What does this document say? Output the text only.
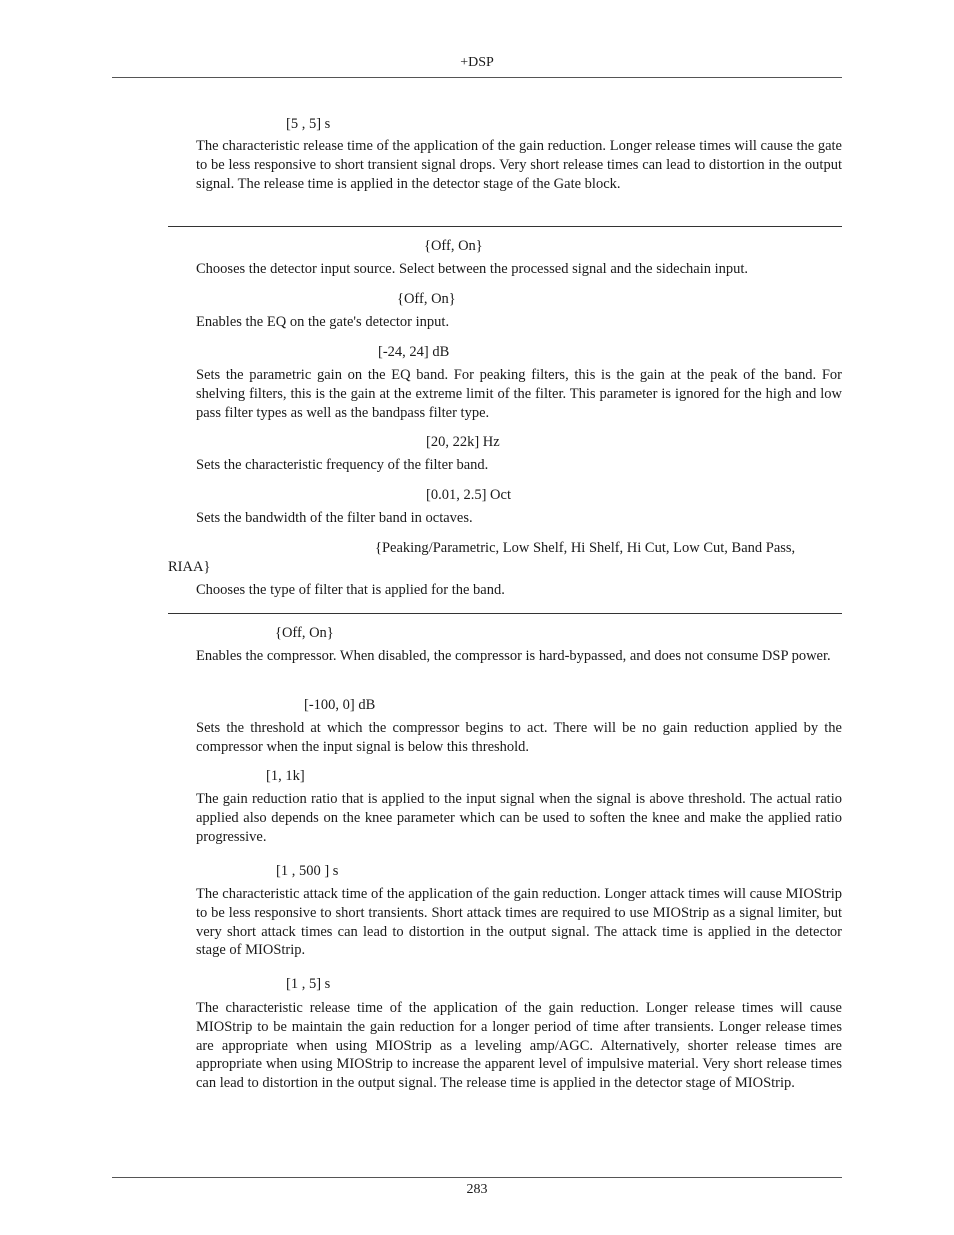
+DSP
[5 , 5] s

The characteristic release time of the application of the gain reduction. Longer release times will cause the gate to be less responsive to short transient signal drops. Very short release times can lead to distortion in the output signal. The release time is applied in the detector stage of the Gate block.

{Off, On}

Chooses the detector input source. Select between the processed signal and the sidechain input.

{Off, On}

Enables the EQ on the gate's detector input.

[-24, 24] dB

Sets the parametric gain on the EQ band. For peaking filters, this is the gain at the peak of the band. For shelving filters, this is the gain at the extreme limit of the filter. This parameter is ignored for the high and low pass filter types as well as the bandpass filter type.

[20, 22k] Hz

Sets the characteristic frequency of the filter band.

[0.01, 2.5] Oct

Sets the bandwidth of the filter band in octaves.

{Peaking/Parametric, Low Shelf, Hi Shelf, Hi Cut, Low Cut, Band Pass,
RIAA}

Chooses the type of filter that is applied for the band.

{Off, On}

Enables the compressor. When disabled, the compressor is hard-bypassed, and does not consume DSP power.

[-100, 0] dB

Sets the threshold at which the compressor begins to act. There will be no gain reduction applied by the compressor when the input signal is below this threshold.

[1, 1k]

The gain reduction ratio that is applied to the input signal when the signal is above threshold. The actual ratio applied also depends on the knee parameter which can be used to soften the knee and make the applied ratio progressive.

[1 , 500 ] s

The characteristic attack time of the application of the gain reduction. Longer attack times will cause MIOStrip to be less responsive to short transients. Short attack times are required to use MIOStrip as a signal limiter, but very short attack times can lead to distortion in the output signal. The attack time is applied in the detector stage of MIOStrip.

[1 , 5] s

The characteristic release time of the application of the gain reduction. Longer release times will cause MIOStrip to be maintain the gain reduction for a longer period of time after transients. Longer release times are appropriate when using MIOStrip as a leveling amp/AGC. Alternatively, shorter release times are appropriate when using MIOStrip to increase the apparent level of impulsive material. Very short release times can lead to distortion in the output signal. The release time is applied in the detector stage of MIOStrip.

283
